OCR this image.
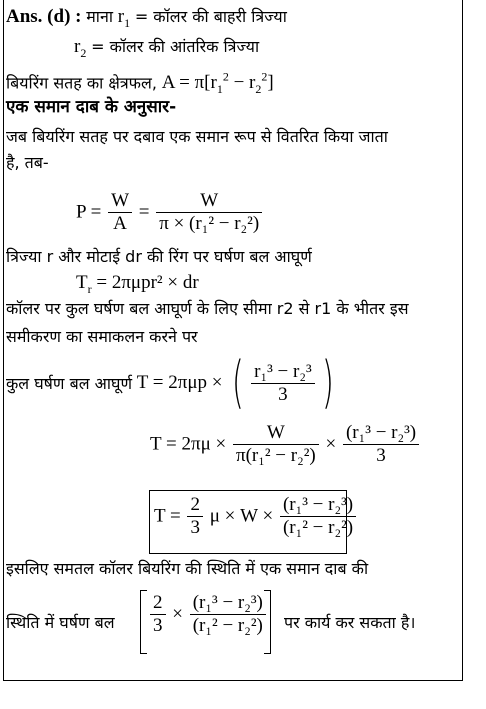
Ans. (d) : माना $r_1$ = कॉलर की बाहरी त्रिज्या
$r_2$ = कॉलर की आंतरिक त्रिज्या
बियरिंग सतह का क्षेत्रफल, $A = \pi[r_1^2 - r_2^2]$
एक समान दाब के अनुसार-
जब बियरिंग सतह पर दबाव एक समान रूप से वितरित किया जाता
है, तब-
$P = \frac{W}{A} = \frac{W}{\text{π × (r₁² − r₂²)}}$
त्रिज्या r और मोटाई dr की रिंग पर घर्षण बल आघूर्ण
$T_r = 2\pi\mu pr^2$ × dr
कॉलर पर कुल घर्षण बल आघूर्ण के लिए सीमा r2 से r1 के भीतर इस
समीकरण का समाकलन करने पर
कुल घर्षण बल आघूर्ण T = 2πμp × ( $\frac{\text{r₁³ − r₂³}}{3}$ )
$T = 2\pi\mu \times \frac{W}{\text{π(r₁² − r₂²)}} \times \frac{\text{(r₁³ − r₂³)}}{3}$
$T = \frac{2}{3}$ $\mu \times W \times \frac{\text{(r₁³ − r₂³)}}{\text{(r₁² − r₂²)}}$
इसलिए समतल कॉलर बियरिंग की स्थिति में एक समान दाब की
स्थिति में घर्षण बल $\frac{2}{3} \times \frac{\text{(r₁³ − r₂³)}}{\text{(r₁² − r₂²)}}$ पर कार्य कर सकता है।
